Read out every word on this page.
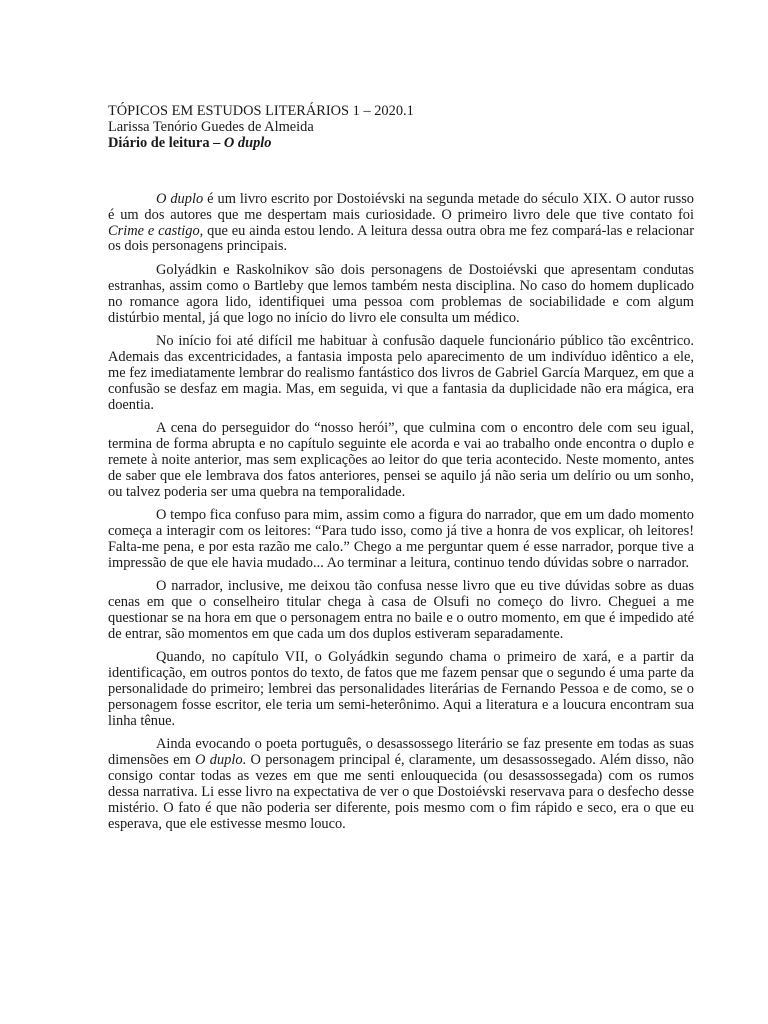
TÓPICOS EM ESTUDOS LITERÁRIOS 1 – 2020.1

Larissa Tenório Guedes de Almeida

Diário de leitura – O duplo

O duplo é um livro escrito por Dostoiévski na segunda metade do século XIX. O autor russo é um dos autores que me despertam mais curiosidade. O primeiro livro dele que tive contato foi Crime e castigo, que eu ainda estou lendo. A leitura dessa outra obra me fez compará-las e relacionar os dois personagens principais.

Golyádkin e Raskolnikov são dois personagens de Dostoiévski que apresentam condutas estranhas, assim como o Bartleby que lemos também nesta disciplina. No caso do homem duplicado no romance agora lido, identifiquei uma pessoa com problemas de sociabilidade e com algum distúrbio mental, já que logo no início do livro ele consulta um médico.

No início foi até difícil me habituar à confusão daquele funcionário público tão excêntrico. Ademais das excentricidades, a fantasia imposta pelo aparecimento de um indivíduo idêntico a ele, me fez imediatamente lembrar do realismo fantástico dos livros de Gabriel García Marquez, em que a confusão se desfaz em magia. Mas, em seguida, vi que a fantasia da duplicidade não era mágica, era doentia.

A cena do perseguidor do “nosso herói”, que culmina com o encontro dele com seu igual, termina de forma abrupta e no capítulo seguinte ele acorda e vai ao trabalho onde encontra o duplo e remete à noite anterior, mas sem explicações ao leitor do que teria acontecido. Neste momento, antes de saber que ele lembrava dos fatos anteriores, pensei se aquilo já não seria um delírio ou um sonho, ou talvez poderia ser uma quebra na temporalidade.

O tempo fica confuso para mim, assim como a figura do narrador, que em um dado momento começa a interagir com os leitores: “Para tudo isso, como já tive a honra de vos explicar, oh leitores! Falta-me pena, e por esta razão me calo.” Chego a me perguntar quem é esse narrador, porque tive a impressão de que ele havia mudado... Ao terminar a leitura, continuo tendo dúvidas sobre o narrador.

O narrador, inclusive, me deixou tão confusa nesse livro que eu tive dúvidas sobre as duas cenas em que o conselheiro titular chega à casa de Olsufi no começo do livro. Cheguei a me questionar se na hora em que o personagem entra no baile e o outro momento, em que é impedido até de entrar, são momentos em que cada um dos duplos estiveram separadamente.

Quando, no capítulo VII, o Golyádkin segundo chama o primeiro de xará, e a partir da identificação, em outros pontos do texto, de fatos que me fazem pensar que o segundo é uma parte da personalidade do primeiro; lembrei das personalidades literárias de Fernando Pessoa e de como, se o personagem fosse escritor, ele teria um semi-heterônimo. Aqui a literatura e a loucura encontram sua linha tênue.

Ainda evocando o poeta português, o desassossego literário se faz presente em todas as suas dimensões em O duplo. O personagem principal é, claramente, um desassossegado. Além disso, não consigo contar todas as vezes em que me senti enlouquecida (ou desassossegada) com os rumos dessa narrativa. Li esse livro na expectativa de ver o que Dostoiévski reservava para o desfecho desse mistério. O fato é que não poderia ser diferente, pois mesmo com o fim rápido e seco, era o que eu esperava, que ele estivesse mesmo louco.
